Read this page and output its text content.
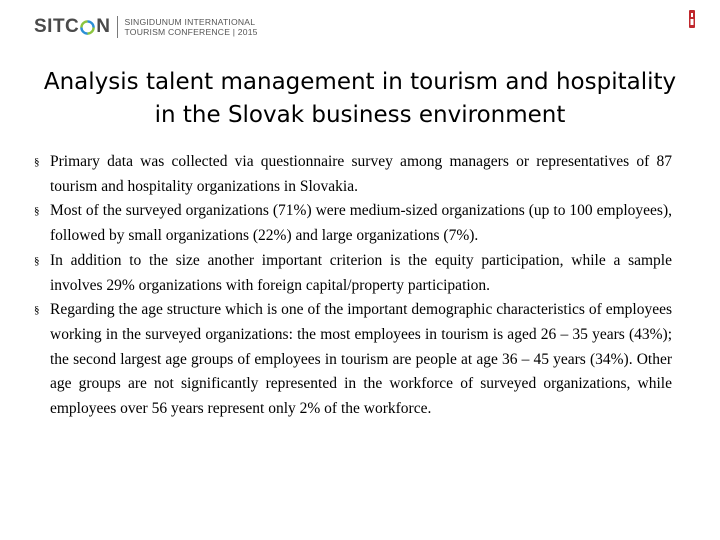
SITC N SINGIDUNUM INTERNATIONAL
TOURISM CONFERENCE | 2015
Analysis talent management in tourism and hospitality
in the Slovak business environment
§ Primary data was collected via questionnaire survey among managers or representatives of 87 tourism and hospitality organizations in Slovakia.
§ Most of the surveyed organizations (71%) were medium-sized organizations (up to 100 employees), followed by small organizations (22%) and large organizations (7%).
§ In addition to the size another important criterion is the equity participation, while a sample involves 29% organizations with foreign capital/property participation.
§ Regarding the age structure which is one of the important demographic characteristics of employees working in the surveyed organizations: the most employees in tourism is aged 26 – 35 years (43%); the second largest age groups of employees in tourism are people at age 36 – 45 years (34%). Other age groups are not significantly represented in the workforce of surveyed organizations, while employees over 56 years represent only 2% of the workforce.
